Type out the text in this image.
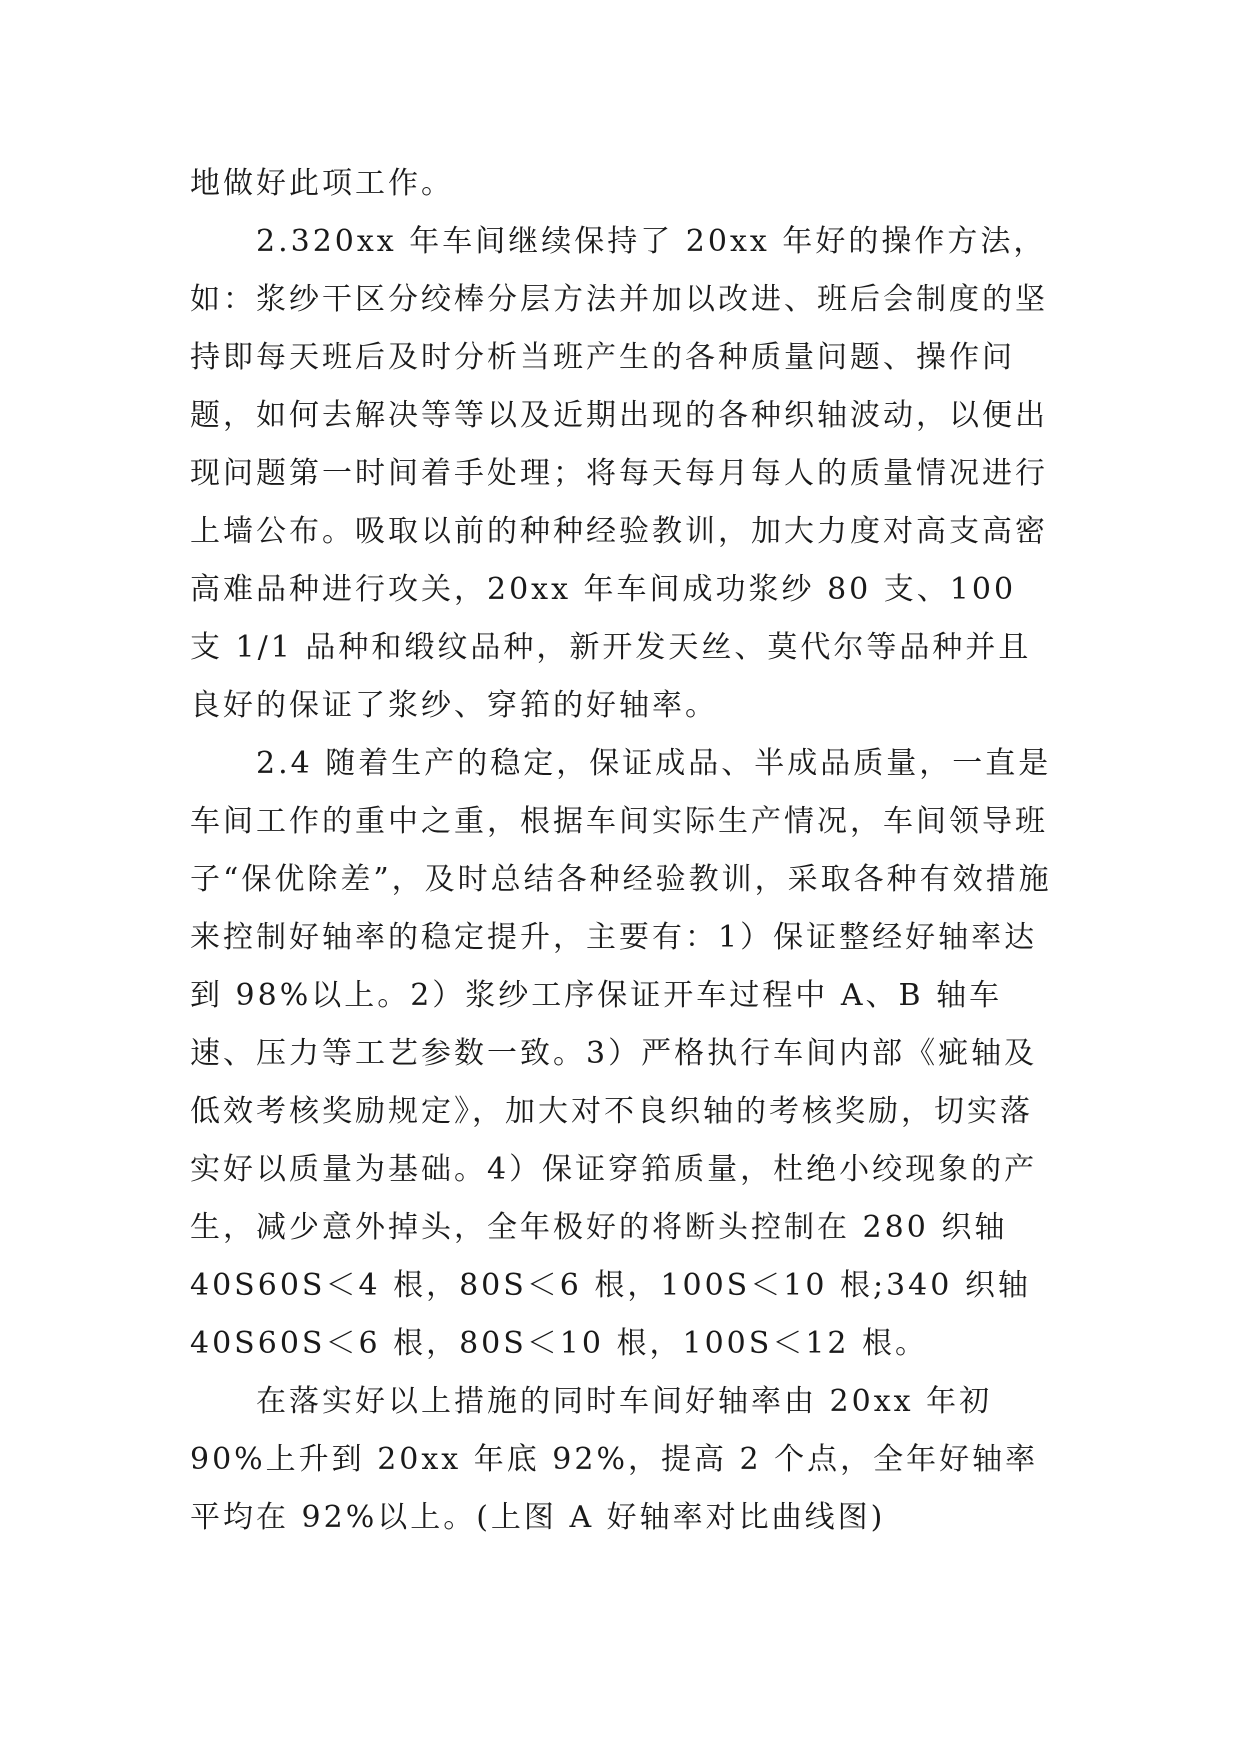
地做好此项工作。

2.320xx 年车间继续保持了 20xx 年好的操作方法，如：浆纱干区分绞棒分层方法并加以改进、班后会制度的坚持即每天班后及时分析当班产生的各种质量问题、操作问题，如何去解决等等以及近期出现的各种织轴波动，以便出现问题第一时间着手处理；将每天每月每人的质量情况进行上墙公布。吸取以前的种种经验教训，加大力度对高支高密高难品种进行攻关，20xx 年车间成功浆纱 80 支、100 支 1/1 品种和缎纹品种，新开发天丝、莫代尔等品种并且良好的保证了浆纱、穿筘的好轴率。

2.4 随着生产的稳定，保证成品、半成品质量，一直是车间工作的重中之重，根据车间实际生产情况，车间领导班子“保优除差”，及时总结各种经验教训，采取各种有效措施来控制好轴率的稳定提升，主要有：1）保证整经好轴率达到 98%以上。2）浆纱工序保证开车过程中 A、B 轴车速、压力等工艺参数一致。3）严格执行车间内部《疵轴及低效考核奖励规定》，加大对不良织轴的考核奖励，切实落实好以质量为基础。4）保证穿筘质量，杜绝小绞现象的产生，减少意外掉头，全年极好的将断头控制在 280 织轴 40S60S＜4 根，80S＜6 根，100S＜10 根;340 织轴 40S60S＜6 根，80S＜10 根，100S＜12 根。

在落实好以上措施的同时车间好轴率由 20xx 年初 90%上升到 20xx 年底 92%，提高 2 个点，全年好轴率平均在 92%以上。(上图 A 好轴率对比曲线图)
